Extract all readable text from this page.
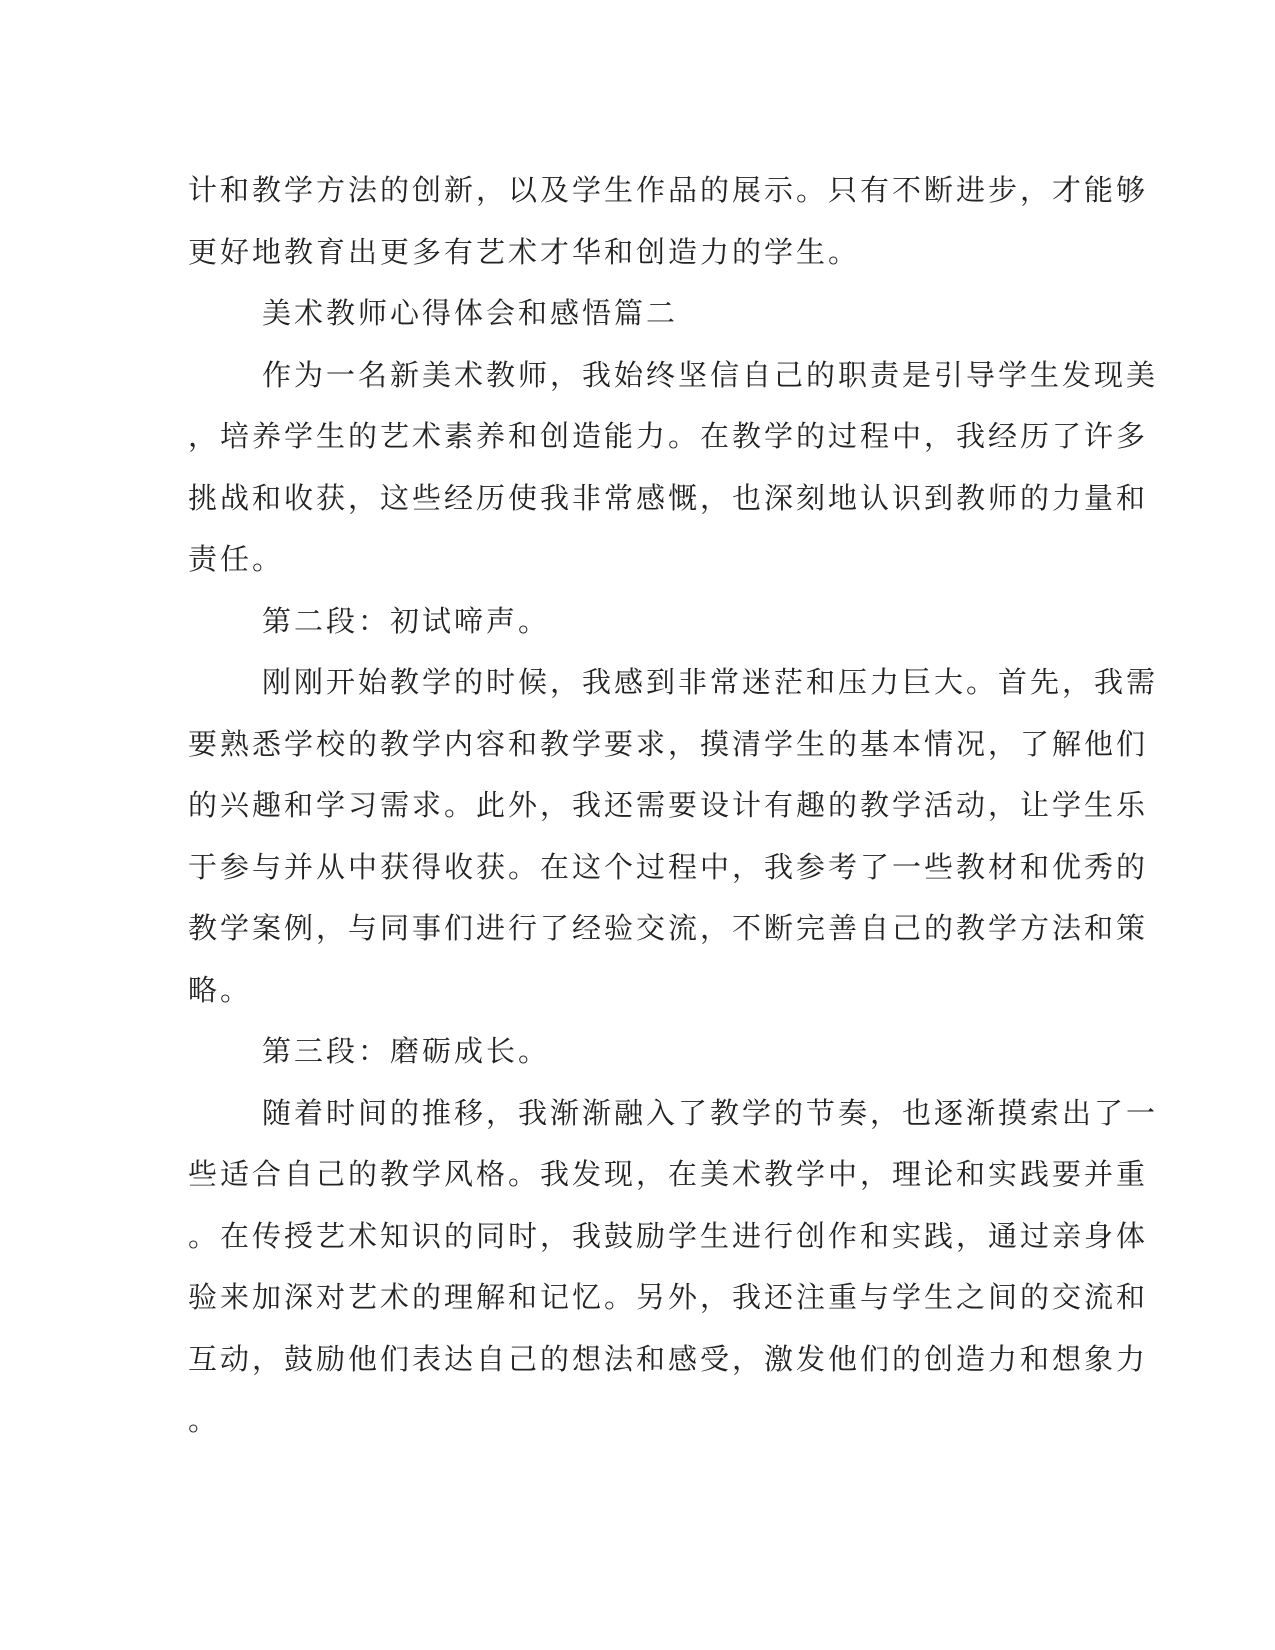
计和教学方法的创新，以及学生作品的展示。只有不断进步，才能够
更好地教育出更多有艺术才华和创造力的学生。
美术教师心得体会和感悟篇二
作为一名新美术教师，我始终坚信自己的职责是引导学生发现美
，培养学生的艺术素养和创造能力。在教学的过程中，我经历了许多
挑战和收获，这些经历使我非常感慨，也深刻地认识到教师的力量和
责任。
第二段：初试啼声。
刚刚开始教学的时候，我感到非常迷茫和压力巨大。首先，我需
要熟悉学校的教学内容和教学要求，摸清学生的基本情况，了解他们
的兴趣和学习需求。此外，我还需要设计有趣的教学活动，让学生乐
于参与并从中获得收获。在这个过程中，我参考了一些教材和优秀的
教学案例，与同事们进行了经验交流，不断完善自己的教学方法和策
略。
第三段：磨砺成长。
随着时间的推移，我渐渐融入了教学的节奏，也逐渐摸索出了一
些适合自己的教学风格。我发现，在美术教学中，理论和实践要并重
。在传授艺术知识的同时，我鼓励学生进行创作和实践，通过亲身体
验来加深对艺术的理解和记忆。另外，我还注重与学生之间的交流和
互动，鼓励他们表达自己的想法和感受，激发他们的创造力和想象力
。
